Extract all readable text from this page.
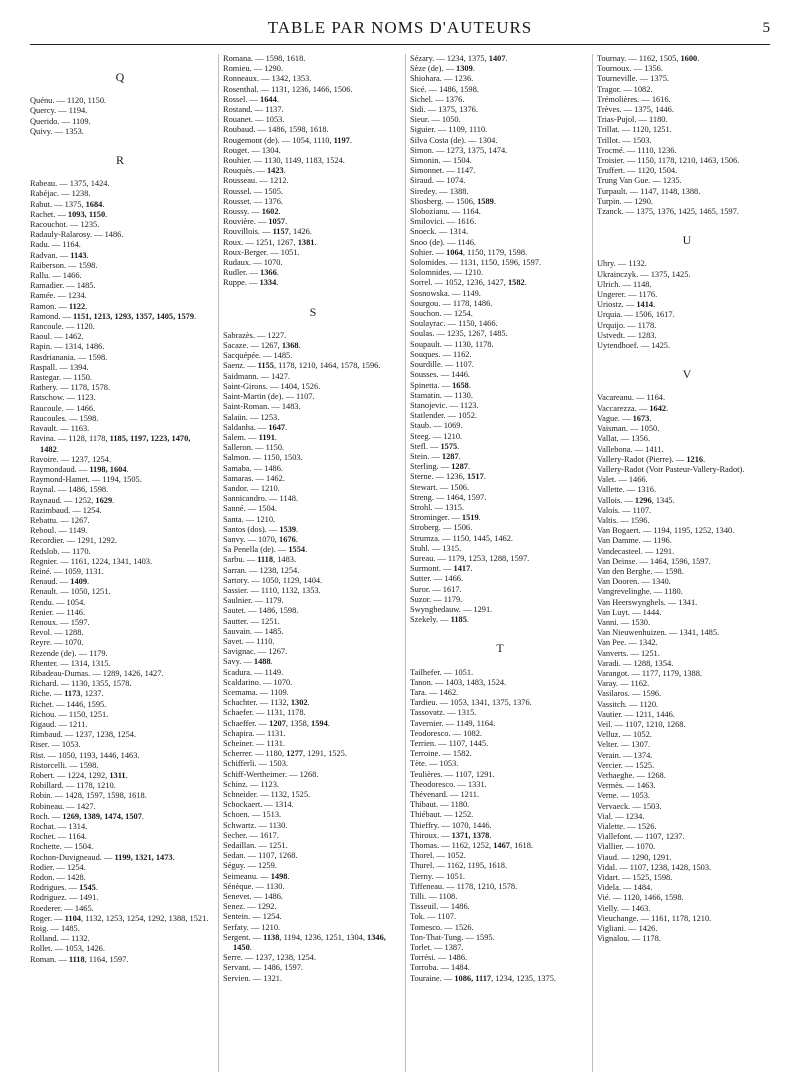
TABLE PAR NOMS D'AUTEURS	5
Q
Quénu. — 1120, 1150.
Quercy. — 1194.
Querido. — 1109.
Quivy. — 1353.
R
Rabeau. — 1375, 1424.
Rabéjac. — 1238.
Rabut. — 1375, 1684.
Rachet. — 1093, 1150.
Racouchot. — 1235.
Radauly-Ralarosy. — 1486.
Radu. — 1164.
Radvan. — 1143.
Raiberson. — 1598.
Rallu. — 1466.
Ramadier. — 1485.
Ramée. — 1234.
Ramon. — 1122.
Ramond. — 1151, 1213, 1293, 1357, 1405, 1579.
Rancoule. — 1120.
Raoul. — 1462.
Rapin. — 1314, 1486.
Rasdrianania. — 1598.
Raspall. — 1394.
Rastegar. — 1150.
Rathery. — 1178, 1578.
Ratschow. — 1123.
Raucoule. — 1466.
Raucoules. — 1598.
Ravault. — 1163.
Ravina. — 1128, 1178, 1185, 1197, 1223, 1470, 1482.
Ravoire. — 1237, 1254.
Raymondaud. — 1198, 1604.
Raymond-Hamet. — 1194, 1505.
Raynal. — 1486, 1598.
Raynaud. — 1252, 1629.
Razimbaud. — 1254.
Rebattu. — 1267.
Reboul. — 1149.
Recordier. — 1291, 1292.
Redslob. — 1170.
Regnier. — 1161, 1224, 1341, 1403.
Reiné. — 1059, 1131.
Renaud. — 1409.
Renault. — 1050, 1251.
Rendu. — 1054.
Renier. — 1146.
Renoux. — 1597.
Revol. — 1288.
Reyre. — 1070.
Rezende (de). — 1179.
Rhenter. — 1314, 1315.
Ribadeau-Dumas. — 1289, 1426, 1427.
Richard. — 1130, 1355, 1578.
Riche. — 1173, 1237.
Richet. — 1446, 1595.
Richou. — 1150, 1251.
Rigaud. — 1211.
Rimbaud. — 1237, 1238, 1254.
Riser. — 1053.
Rist. — 1050, 1193, 1446, 1463.
Ristorcelli. — 1598.
Robert. — 1224, 1292, 1311.
Robillard. — 1178, 1210.
Robin. — 1428, 1597, 1598, 1618.
Robineau. — 1427.
Roch. — 1269, 1389, 1474, 1507.
Rochat. — 1314.
Rochet. — 1164.
Rochette. — 1504.
Rochon-Duvigneaud. — 1199, 1321, 1473.
Rodier. — 1254.
Rodon. — 1428.
Rodrigues. — 1545.
Rodriguez. — 1491.
Roederer. — 1465.
Roger. — 1104, 1132, 1253, 1254, 1292, 1388, 1521.
Roig. — 1485.
Rolland. — 1132.
Rollet. — 1053, 1426.
Roman. — 1118, 1164, 1597.
Romana. — 1598, 1618.
Romieu. — 1290.
Ronneaux. — 1342, 1353.
Rosenthal. — 1131, 1236, 1466, 1506.
Rossel. — 1644.
Rostand. — 1137.
Rouanet. — 1053.
Roubaud. — 1486, 1598, 1618.
Rougemont (de). — 1054, 1110, 1197.
Rouget. — 1304.
Rouhier. — 1130, 1149, 1183, 1524.
Rouquès. — 1423.
Rousseau. — 1212.
Roussel. — 1505.
Rousset. — 1376.
Roussy. — 1602.
Rouvière. — 1057.
Rouvillois. — 1157, 1426.
Roux. — 1251, 1267, 1381.
Roux-Berger. — 1051.
Rudaux. — 1070.
Rudler. — 1366.
Ruppe. — 1334.
S
Sabrazès. — 1227.
Sacaze. — 1267, 1368.
Sacquépée. — 1485.
Saenz. — 1155, 1178, 1210, 1464, 1578, 1596.
Saidmann. — 1427.
Saint-Girons. — 1404, 1526.
Saint-Martin (de). — 1107.
Saint-Roman. — 1483.
Salaün. — 1253.
Saldanha. — 1647.
Salem. — 1191.
Salleron. — 1150.
Salmon. — 1150, 1503.
Samaba. — 1486.
Samaras. — 1462.
Sandor. — 1210.
Sannicandro. — 1148.
Sanné. — 1504.
Santa. — 1210.
Santos (dos). — 1539.
Sanvy. — 1070, 1676.
Sa Penella (de). — 1554.
Sarbu. — 1118, 1483.
Sarran. — 1238, 1254.
Sartory. — 1050, 1129, 1404.
Sassier. — 1110, 1132, 1353.
Saulnier. — 1179.
Sautet. — 1486, 1598.
Sautter. — 1251.
Sauvain. — 1485.
Savet. — 1110.
Savignac. — 1267.
Savy. — 1488.
Scadura. — 1149.
Scaldarino. — 1070.
Scemama. — 1109.
Schachter. — 1132, 1302.
Schaefer. — 1131, 1178.
Schaeffer. — 1207, 1358, 1594.
Schapira. — 1131.
Scheiner. — 1131.
Scherrer. — 1180, 1277, 1291, 1525.
Schifferli. — 1503.
Schiff-Wertheimer. — 1268.
Schinz. — 1123.
Schneider. — 1132, 1525.
Schockaert. — 1314.
Schoen. — 1513.
Schwartz. — 1130.
Secher. — 1617.
Sedaillan. — 1251.
Sedan. — 1107, 1268.
Séguy. — 1259.
Seimeanu. — 1498.
Sénèque. — 1130.
Senevet. — 1486.
Senez. — 1292.
Sentein. — 1254.
Serfaty. — 1210.
Sergent. — 1138, 1194, 1236, 1251, 1304, 1346, 1450.
Serre. — 1237, 1238, 1254.
Servant. — 1486, 1597.
Servien. — 1321.
Sézary. — 1234, 1375, 1407.
Sèze (de). — 1309.
Shiohara. — 1236.
Sicé. — 1486, 1598.
Sichel. — 1376.
Sidi. — 1375, 1376.
Sieur. — 1050.
Siguier. — 1109, 1110.
Silva Costa (de). — 1304.
Simon. — 1273, 1375, 1474.
Simonin. — 1504.
Simonnet. — 1147.
Siraud. — 1074.
Siredey. — 1388.
Sliosberg. — 1506, 1589.
Slobozianu. — 1164.
Smilovici. — 1616.
Snoeck. — 1314.
Snoo (de). — 1146.
Sohier. — 1064, 1150, 1179, 1598.
Solomides. — 1131, 1150, 1596, 1597.
Solomnides. — 1210.
Sorrel. — 1052, 1236, 1427, 1582.
Sosnowska. — 1149.
Sourgou. — 1178, 1486.
Souchon. — 1254.
Soulayrac. — 1150, 1466.
Soulas. — 1235, 1267, 1485.
Soupault. — 1130, 1178.
Souques. — 1162.
Sourdille. — 1107.
Sousses. — 1446.
Spinetta. — 1658.
Stamatin. — 1130.
Stanojevic. — 1123.
Statlender. — 1052.
Staub. — 1069.
Steeg. — 1210.
Stefl. — 1575.
Stein. — 1287.
Sterling. — 1287.
Sterne. — 1236, 1517.
Stewart. — 1506.
Streng. — 1464, 1597.
Strohl. — 1315.
Strominger. — 1519.
Stroberg. — 1506.
Strumza. — 1150, 1445, 1462.
Stuhl. — 1315.
Sureau. — 1179, 1253, 1288, 1597.
Surmont. — 1417.
Sutter. — 1466.
Suror. — 1617.
Suzor. — 1179.
Swynghedauw. — 1291.
Szekely. — 1185.
T
Tailhefer. — 1051.
Tanon. — 1403, 1483, 1524.
Tara. — 1462.
Tardieu. — 1053, 1341, 1375, 1376.
Tassovatz. — 1315.
Tavernier. — 1149, 1164.
Teodoresco. — 1082.
Terrien. — 1107, 1445.
Terroine. — 1582.
Tète. — 1053.
Teulières. — 1107, 1291.
Theodoresco. — 1331.
Thévenard. — 1211.
Thibaut. — 1180.
Thiébaut. — 1252.
Thieffry. — 1070, 1446.
Thiroux. — 1371, 1378.
Thomas. — 1162, 1252, 1467, 1618.
Thorel. — 1052.
Thurel. — 1162, 1195, 1618.
Tierny. — 1051.
Tiffeneau. — 1178, 1210, 1578.
Tilli. — 1108.
Tisseuil. — 1486.
Tok. — 1107.
Tomesco. — 1526.
Ton-That-Tung. — 1595.
Torlet. — 1387.
Torrési. — 1486.
Torroba. — 1484.
Touraine. — 1086, 1117, 1234, 1235, 1375.
Tournay. — 1162, 1505, 1600.
Tournoux. — 1356.
Tourneville. — 1375.
Tragor. — 1082.
Trémolières. — 1616.
Trèves. — 1375, 1446.
Trias-Pujol. — 1180.
Trillat. — 1120, 1251.
Trillot. — 1503.
Trocmé. — 1110, 1236.
Troisier. — 1150, 1178, 1210, 1463, 1506.
Truffert. — 1120, 1504.
Trung Van Gue. — 1235.
Turpault. — 1147, 1148, 1388.
Turpin. — 1290.
Tzanck. — 1375, 1376, 1425, 1465, 1597.
U
Uhry. — 1132.
Ukrainczyk. — 1375, 1425.
Ulrich. — 1148.
Ungerer. — 1176.
Uriostz. — 1414.
Urquia. — 1506, 1617.
Urquijo. — 1178.
Ustvedt. — 1283.
Uytendhoef. — 1425.
V
Vacareanu. — 1164.
Vaccarezza. — 1642.
Vague. — 1673.
Vaisman. — 1050.
Vallat. — 1356.
Vallebona. — 1411.
Vallery-Radot (Pierre). — 1216.
Vallery-Radot (Voir Pasteur-Vallery-Radot).
Valet. — 1466.
Vallette. — 1316.
Vallois. — 1296, 1345.
Valois. — 1107.
Valtis. — 1596.
Van Bogaert. — 1194, 1195, 1252, 1340.
Van Damme. — 1196.
Vandecasteel. — 1291.
Van Deinse. — 1464, 1596, 1597.
Van den Berghe. — 1598.
Van Dooren. — 1340.
Vangrevelinghe. — 1180.
Van Heerswynghels. — 1341.
Van Luyt. — 1444.
Vanni. — 1530.
Van Nieuwenhuizen. — 1341, 1485.
Van Pee. — 1342.
Vanverts. — 1251.
Varadi. — 1288, 1354.
Varangot. — 1177, 1179, 1388.
Varay. — 1162.
Vasilaros. — 1596.
Vassitch. — 1120.
Vautier. — 1211, 1446.
Veil. — 1107, 1210, 1268.
Velluz. — 1052.
Velter. — 1307.
Verain. — 1374.
Vercier. — 1525.
Verhaeghe. — 1268.
Vermès. — 1463.
Verne. — 1053.
Vervaeck. — 1503.
Vial. — 1234.
Vialette. — 1526.
Viallefont. — 1107, 1237.
Viallier. — 1070.
Viaud. — 1290, 1291.
Vidal. — 1107, 1238, 1428, 1503.
Vidart. — 1525, 1598.
Videla. — 1484.
Vié. — 1120, 1466, 1598.
Vielly. — 1463.
Vieuchange. — 1161, 1178, 1210.
Vigliani. — 1426.
Vignalou. — 1178.
